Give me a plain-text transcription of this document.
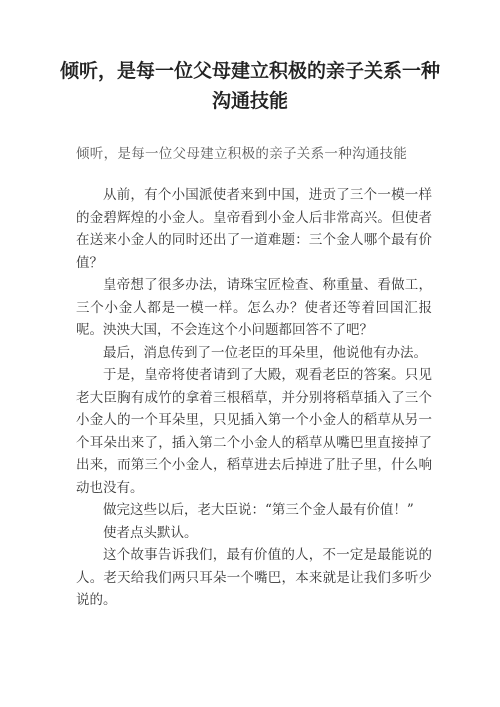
倾听，是每一位父母建立积极的亲子关系一种沟通技能

倾听，是每一位父母建立积极的亲子关系一种沟通技能

从前，有个小国派使者来到中国，进贡了三个一模一样的金碧辉煌的小金人。皇帝看到小金人后非常高兴。但使者在送来小金人的同时还出了一道难题：三个金人哪个最有价值？

皇帝想了很多办法，请珠宝匠检查、称重量、看做工，三个小金人都是一模一样。怎么办？使者还等着回国汇报呢。泱泱大国，不会连这个小问题都回答不了吧？

最后，消息传到了一位老臣的耳朵里，他说他有办法。

于是，皇帝将使者请到了大殿，观看老臣的答案。只见老大臣胸有成竹的拿着三根稻草，并分别将稻草插入了三个小金人的一个耳朵里，只见插入第一个小金人的稻草从另一个耳朵出来了，插入第二个小金人的稻草从嘴巴里直接掉了出来，而第三个小金人，稻草进去后掉进了肚子里，什么响动也没有。

做完这些以后，老大臣说：“第三个金人最有价值！”

使者点头默认。

这个故事告诉我们，最有价值的人，不一定是最能说的人。老天给我们两只耳朵一个嘴巴，本来就是让我们多听少说的。
